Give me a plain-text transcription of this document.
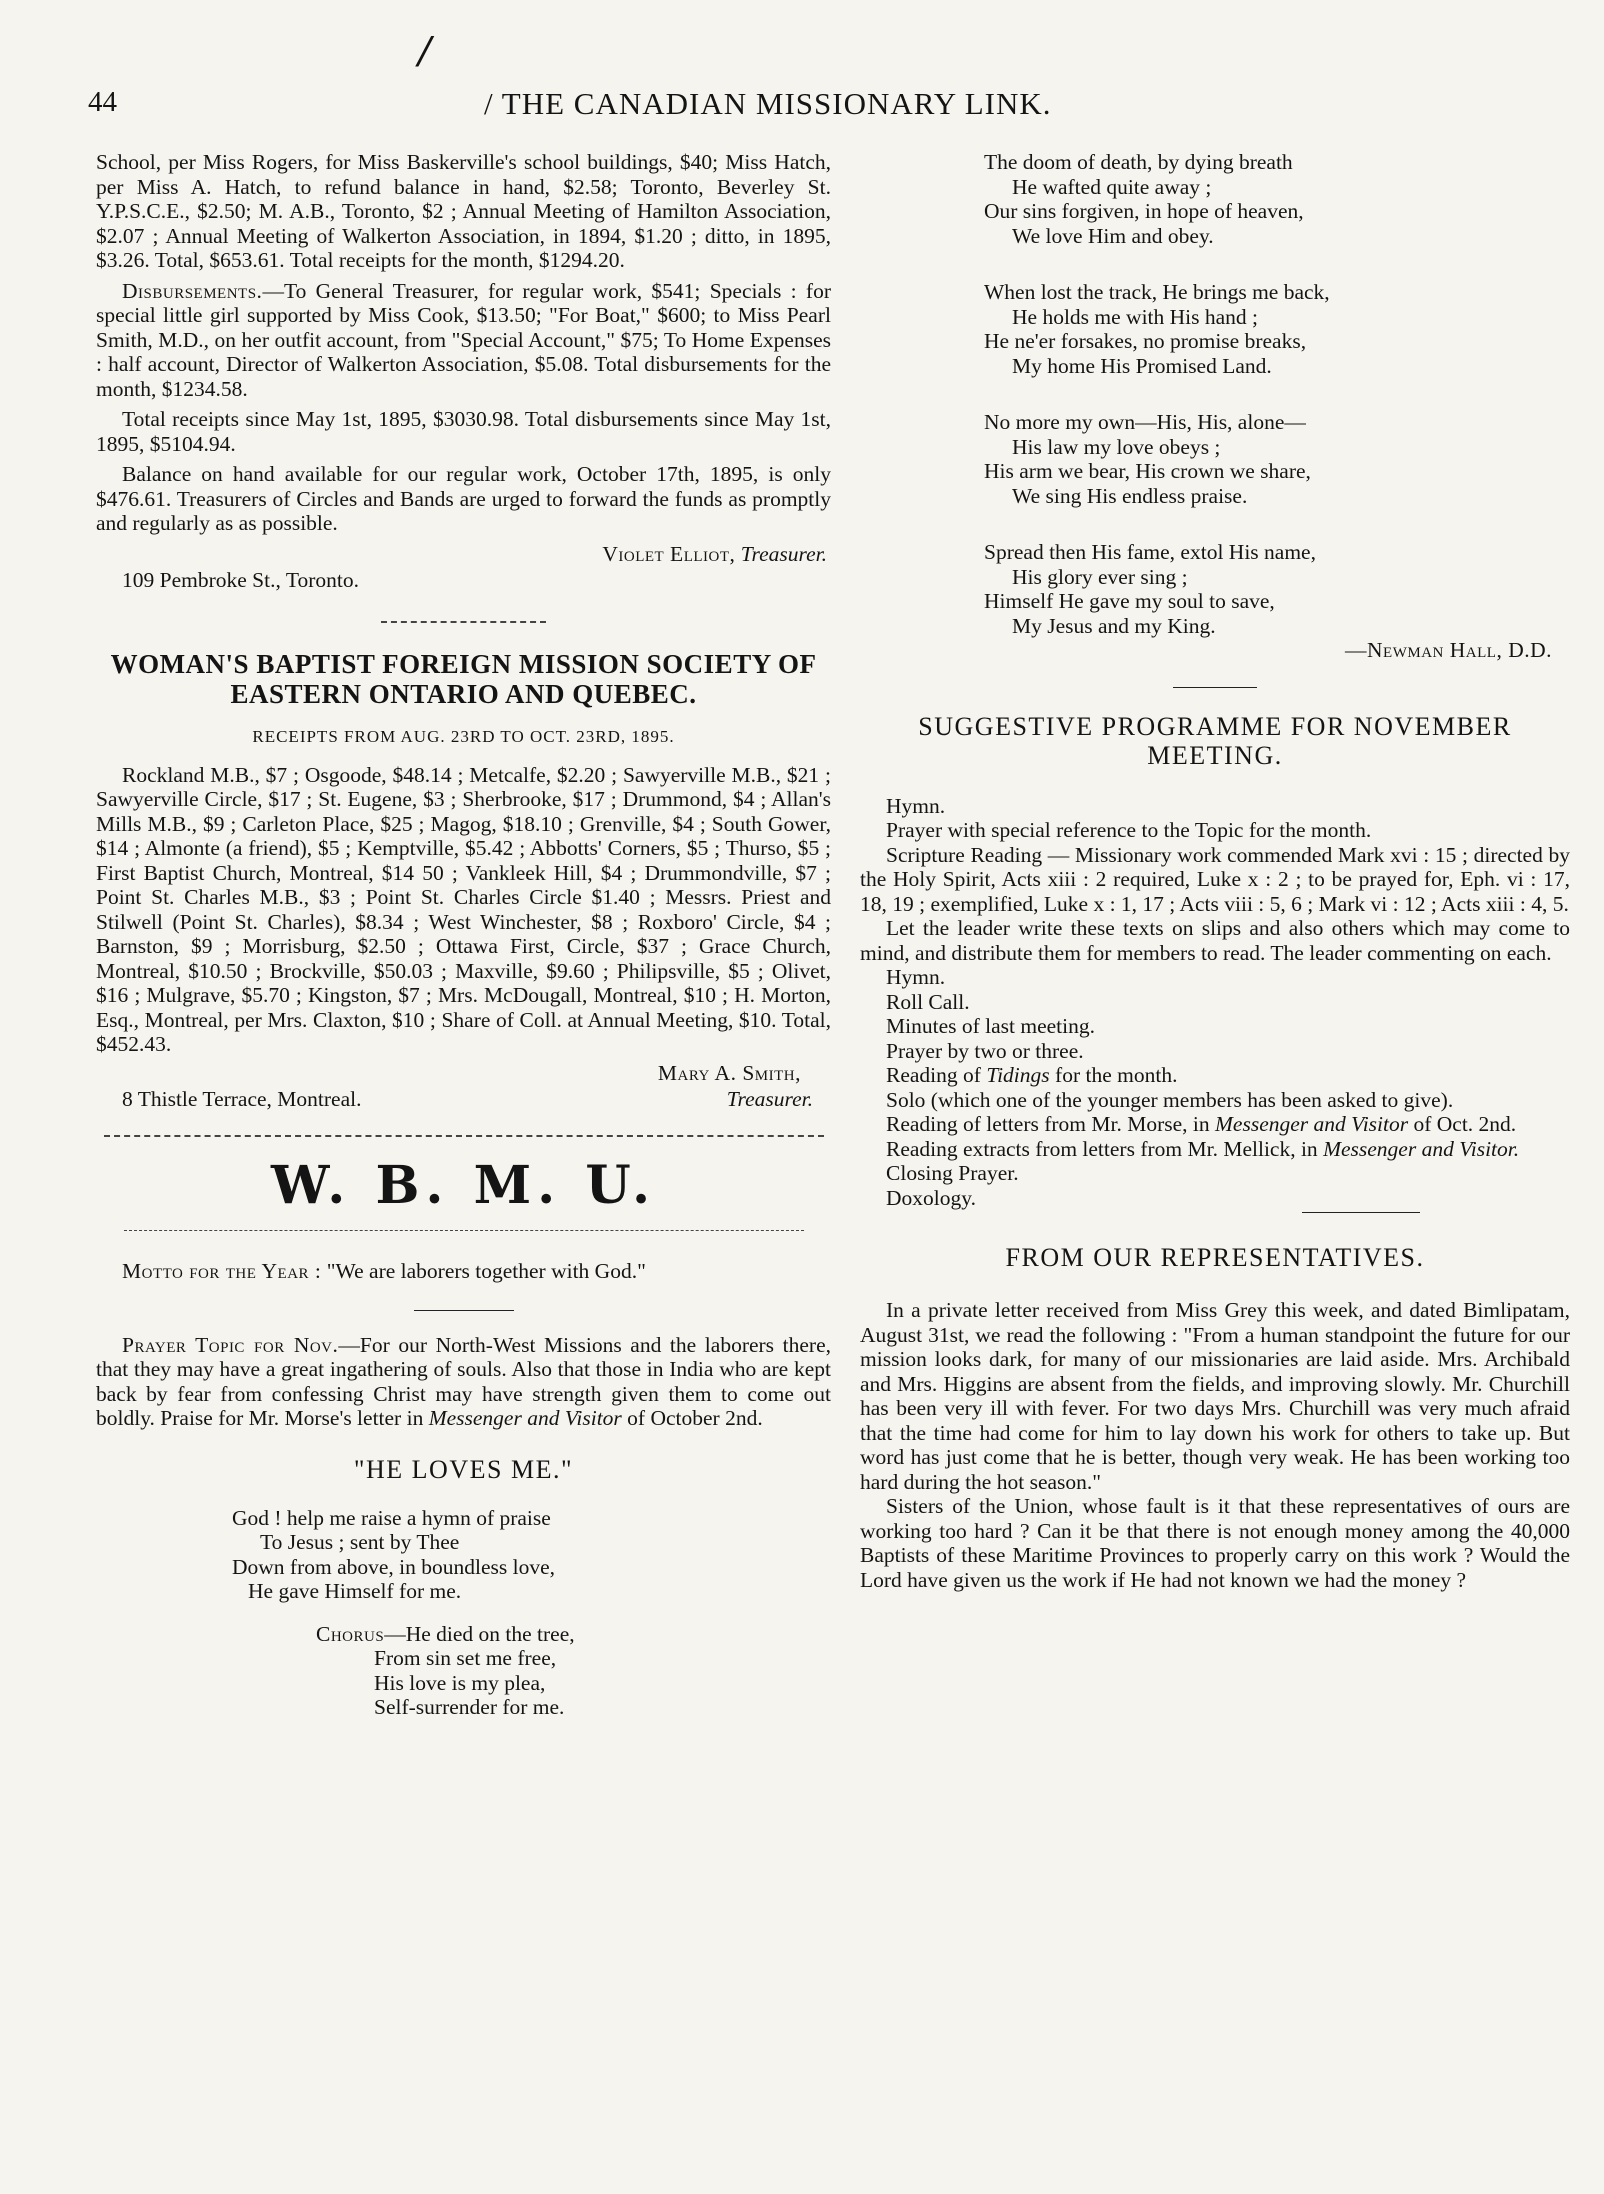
/
44	/ THE CANADIAN MISSIONARY LINK.

School, per Miss Rogers, for Miss Baskerville's school buildings, $40; Miss Hatch, per Miss A. Hatch, to refund balance in hand, $2.58; Toronto, Beverley St. Y.P.S.C.E., $2.50; M. A.B., Toronto, $2 ; Annual Meeting of Hamilton Association, $2.07 ; Annual Meeting of Walkerton Association, in 1894, $1.20 ; ditto, in 1895, $3.26. Total, $653.61. Total receipts for the month, $1294.20.

Disbursements.—To General Treasurer, for regular work, $541; Specials : for special little girl supported by Miss Cook, $13.50; "For Boat," $600; to Miss Pearl Smith, M.D., on her outfit account, from "Special Account," $75; To Home Expenses : half account, Director of Walkerton Association, $5.08. Total disbursements for the month, $1234.58.

Total receipts since May 1st, 1895, $3030.98. Total disbursements since May 1st, 1895, $5104.94.

Balance on hand available for our regular work, October 17th, 1895, is only $476.61. Treasurers of Circles and Bands are urged to forward the funds as promptly and regularly as as possible.

Violet Elliot, Treasurer.

109 Pembroke St., Toronto.

WOMAN'S BAPTIST FOREIGN MISSION SOCIETY OF EASTERN ONTARIO AND QUEBEC.

RECEIPTS FROM AUG. 23RD TO OCT. 23RD, 1895.

Rockland M.B., $7 ; Osgoode, $48.14 ; Metcalfe, $2.20 ; Sawyerville M.B., $21 ; Sawyerville Circle, $17 ; St. Eugene, $3 ; Sherbrooke, $17 ; Drummond, $4 ; Allan's Mills M.B., $9 ; Carleton Place, $25 ; Magog, $18.10 ; Grenville, $4 ; South Gower, $14 ; Almonte (a friend), $5 ; Kemptville, $5.42 ; Abbotts' Corners, $5 ; Thurso, $5 ; First Baptist Church, Montreal, $14 50 ; Vankleek Hill, $4 ; Drummondville, $7 ; Point St. Charles M.B., $3 ; Point St. Charles Circle $1.40 ; Messrs. Priest and Stilwell (Point St. Charles), $8.34 ; West Winchester, $8 ; Roxboro' Circle, $4 ; Barnston, $9 ; Morrisburg, $2.50 ; Ottawa First, Circle, $37 ; Grace Church, Montreal, $10.50 ; Brockville, $50.03 ; Maxville, $9.60 ; Philipsville, $5 ; Olivet, $16 ; Mulgrave, $5.70 ; Kingston, $7 ; Mrs. McDougall, Montreal, $10 ; H. Morton, Esq., Montreal, per Mrs. Claxton, $10 ; Share of Coll. at Annual Meeting, $10. Total, $452.43.

Mary A. Smith,

8 Thistle Terrace, Montreal.	Treasurer.
W. B. M. U.

Motto for the Year : "We are laborers together with God."

Prayer Topic for Nov.—For our North-West Missions and the laborers there, that they may have a great ingathering of souls. Also that those in India who are kept back by fear from confessing Christ may have strength given them to come out boldly. Praise for Mr. Morse's letter in Messenger and Visitor of October 2nd.

"HE LOVES ME."
God ! help me raise a hymn of praise
To Jesus ; sent by Thee
Down from above, in boundless love,
He gave Himself for me.
Chorus—He died on the tree,
From sin set me free,
His love is my plea,
Self-surrender for me.
The doom of death, by dying breath
He wafted quite away ;
Our sins forgiven, in hope of heaven,
We love Him and obey.
When lost the track, He brings me back,
He holds me with His hand ;
He ne'er forsakes, no promise breaks,
My home His Promised Land.
No more my own—His, His, alone—
His law my love obeys ;
His arm we bear, His crown we share,
We sing His endless praise.
Spread then His fame, extol His name,
His glory ever sing ;
Himself He gave my soul to save,
My Jesus and my King.

—Newman Hall, D.D.

SUGGESTIVE PROGRAMME FOR NOVEMBER MEETING.

Hymn.

Prayer with special reference to the Topic for the month.

Scripture Reading — Missionary work commended Mark xvi : 15 ; directed by the Holy Spirit, Acts xiii : 2 required, Luke x : 2 ; to be prayed for, Eph. vi : 17, 18, 19 ; exemplified, Luke x : 1, 17 ; Acts viii : 5, 6 ; Mark vi : 12 ; Acts xiii : 4, 5.

Let the leader write these texts on slips and also others which may come to mind, and distribute them for members to read. The leader commenting on each.

Hymn.

Roll Call.

Minutes of last meeting.

Prayer by two or three.

Reading of Tidings for the month.

Solo (which one of the younger members has been asked to give).

Reading of letters from Mr. Morse, in Messenger and Visitor of Oct. 2nd.

Reading extracts from letters from Mr. Mellick, in Messenger and Visitor.

Closing Prayer.

Doxology.

FROM OUR REPRESENTATIVES.

In a private letter received from Miss Grey this week, and dated Bimlipatam, August 31st, we read the following : "From a human standpoint the future for our mission looks dark, for many of our missionaries are laid aside. Mrs. Archibald and Mrs. Higgins are absent from the fields, and improving slowly. Mr. Churchill has been very ill with fever. For two days Mrs. Churchill was very much afraid that the time had come for him to lay down his work for others to take up. But word has just come that he is better, though very weak. He has been working too hard during the hot season."

Sisters of the Union, whose fault is it that these representatives of ours are working too hard ? Can it be that there is not enough money among the 40,000 Baptists of these Maritime Provinces to properly carry on this work ? Would the Lord have given us the work if He had not known we had the money ?
